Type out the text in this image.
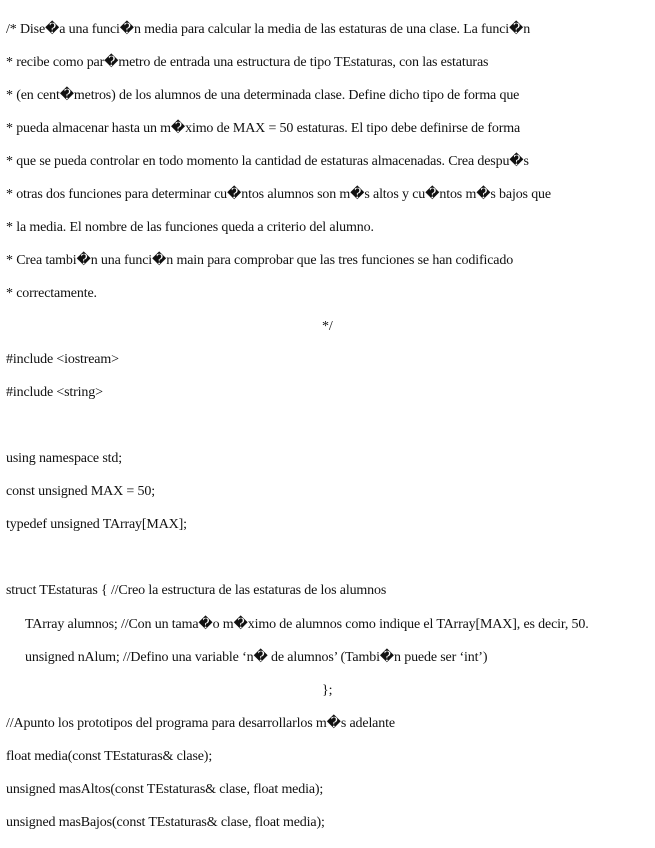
/* Dise�a una funci�n media para calcular la media de las estaturas de una clase. La funci�n
* recibe como par�metro de entrada una estructura de tipo TEstaturas, con las estaturas
* (en cent�metros) de los alumnos de una determinada clase. Define dicho tipo de forma que
* pueda almacenar hasta un m�ximo de MAX = 50 estaturas. El tipo debe definirse de forma
* que se pueda controlar en todo momento la cantidad de estaturas almacenadas. Crea despu�s
* otras dos funciones para determinar cu�ntos alumnos son m�s altos y cu�ntos m�s bajos que
* la media. El nombre de las funciones queda a criterio del alumno.
* Crea tambi�n una funci�n main para comprobar que las tres funciones se han codificado
* correctamente.
*/
#include <iostream>
#include <string>
using namespace std;
const unsigned MAX = 50;
typedef unsigned TArray[MAX];
struct TEstaturas { //Creo la estructura de las estaturas de los alumnos
TArray alumnos; //Con un tama�o m�ximo de alumnos como indique el TArray[MAX], es decir, 50.
unsigned nAlum; //Defino una variable ‘n� de alumnos’ (Tambi�n puede ser ‘int’)
};
//Apunto los prototipos del programa para desarrollarlos m�s adelante
float media(const TEstaturas& clase);
unsigned masAltos(const TEstaturas& clase, float media);
unsigned masBajos(const TEstaturas& clase, float media);
